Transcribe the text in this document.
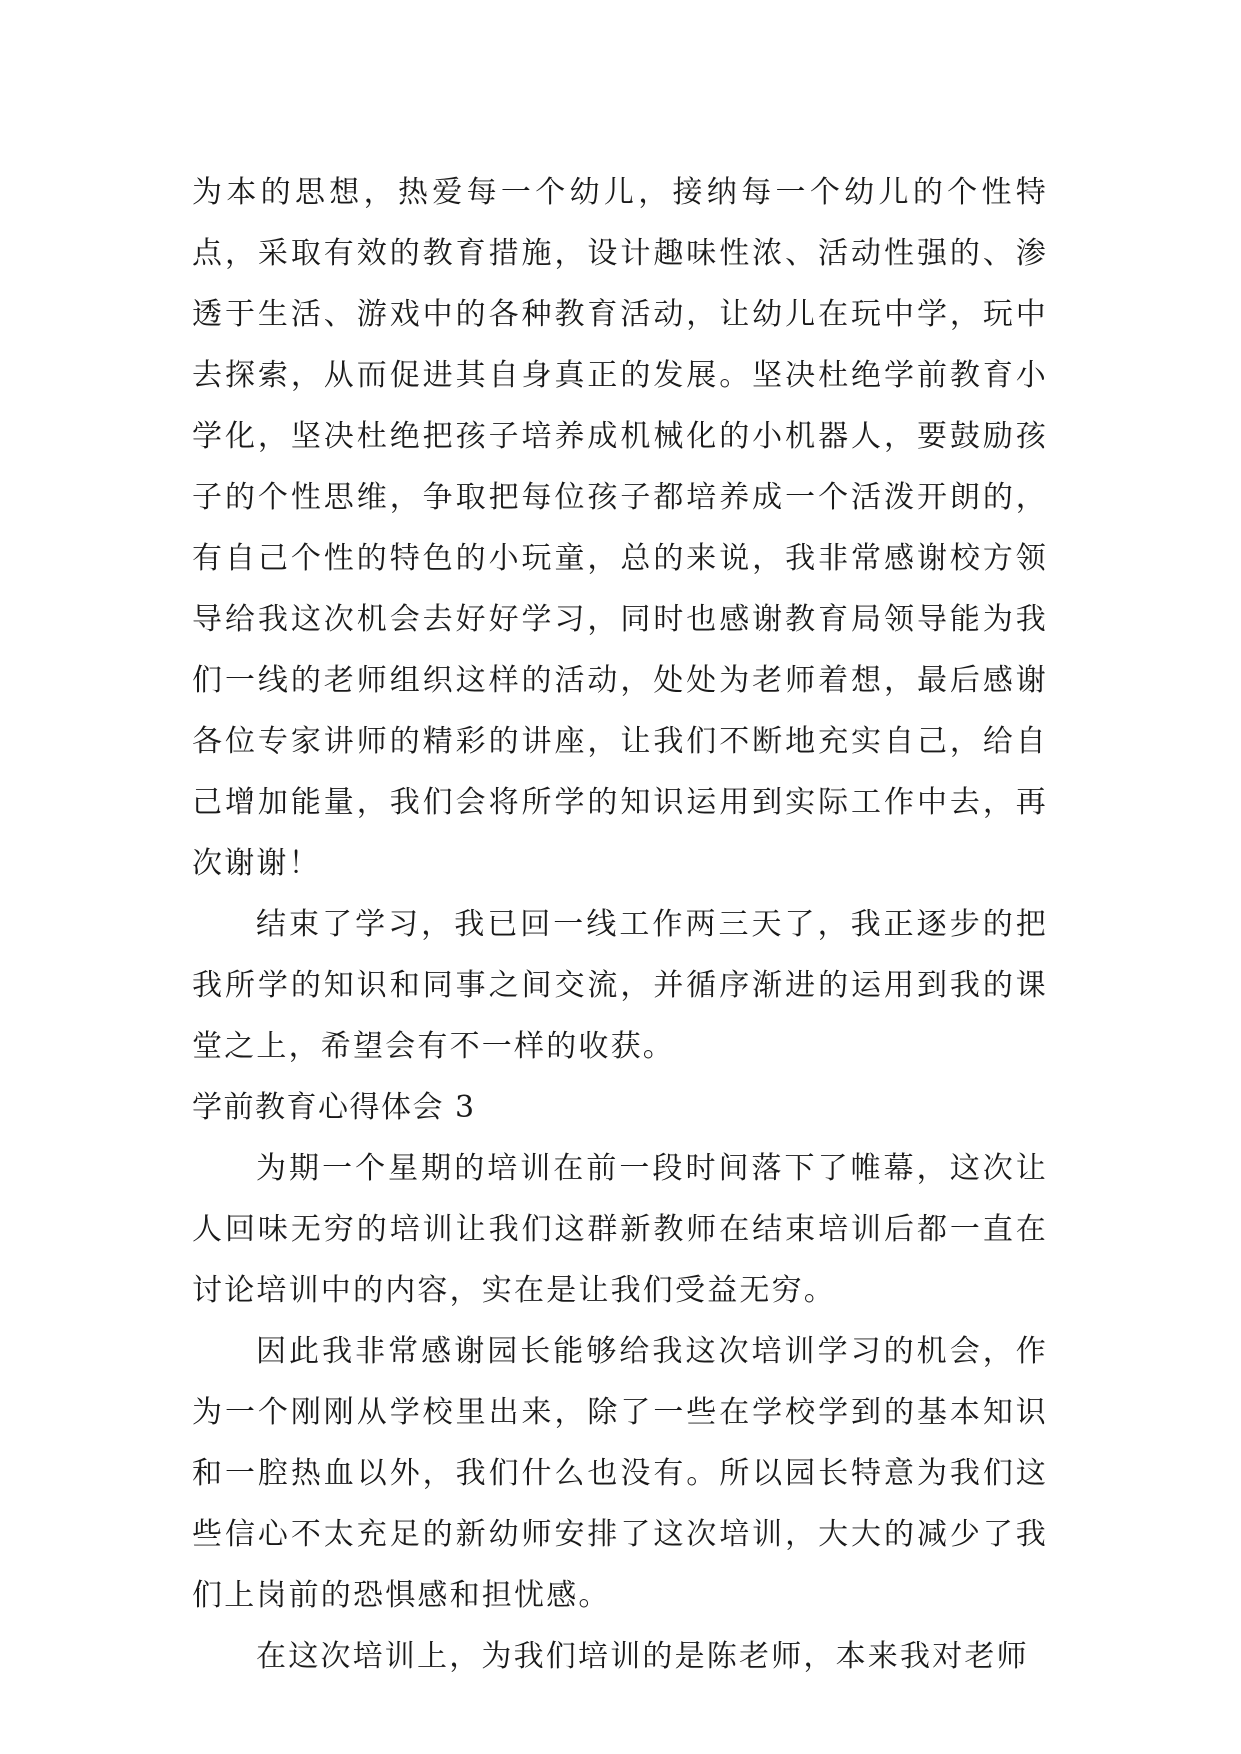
为本的思想，热爱每一个幼儿，接纳每一个幼儿的个性特点，采取有效的教育措施，设计趣味性浓、活动性强的、渗透于生活、游戏中的各种教育活动，让幼儿在玩中学，玩中去探索，从而促进其自身真正的发展。坚决杜绝学前教育小学化，坚决杜绝把孩子培养成机械化的小机器人，要鼓励孩子的个性思维，争取把每位孩子都培养成一个活泼开朗的，有自己个性的特色的小玩童，总的来说，我非常感谢校方领导给我这次机会去好好学习，同时也感谢教育局领导能为我们一线的老师组织这样的活动，处处为老师着想，最后感谢各位专家讲师的精彩的讲座，让我们不断地充实自己，给自己增加能量，我们会将所学的知识运用到实际工作中去，再次谢谢！

结束了学习，我已回一线工作两三天了，我正逐步的把我所学的知识和同事之间交流，并循序渐进的运用到我的课堂之上，希望会有不一样的收获。

学前教育心得体会 3

为期一个星期的培训在前一段时间落下了帷幕，这次让人回味无穷的培训让我们这群新教师在结束培训后都一直在讨论培训中的内容，实在是让我们受益无穷。

因此我非常感谢园长能够给我这次培训学习的机会，作为一个刚刚从学校里出来，除了一些在学校学到的基本知识和一腔热血以外，我们什么也没有。所以园长特意为我们这些信心不太充足的新幼师安排了这次培训，大大的减少了我们上岗前的恐惧感和担忧感。

在这次培训上，为我们培训的是陈老师，本来我对老师
